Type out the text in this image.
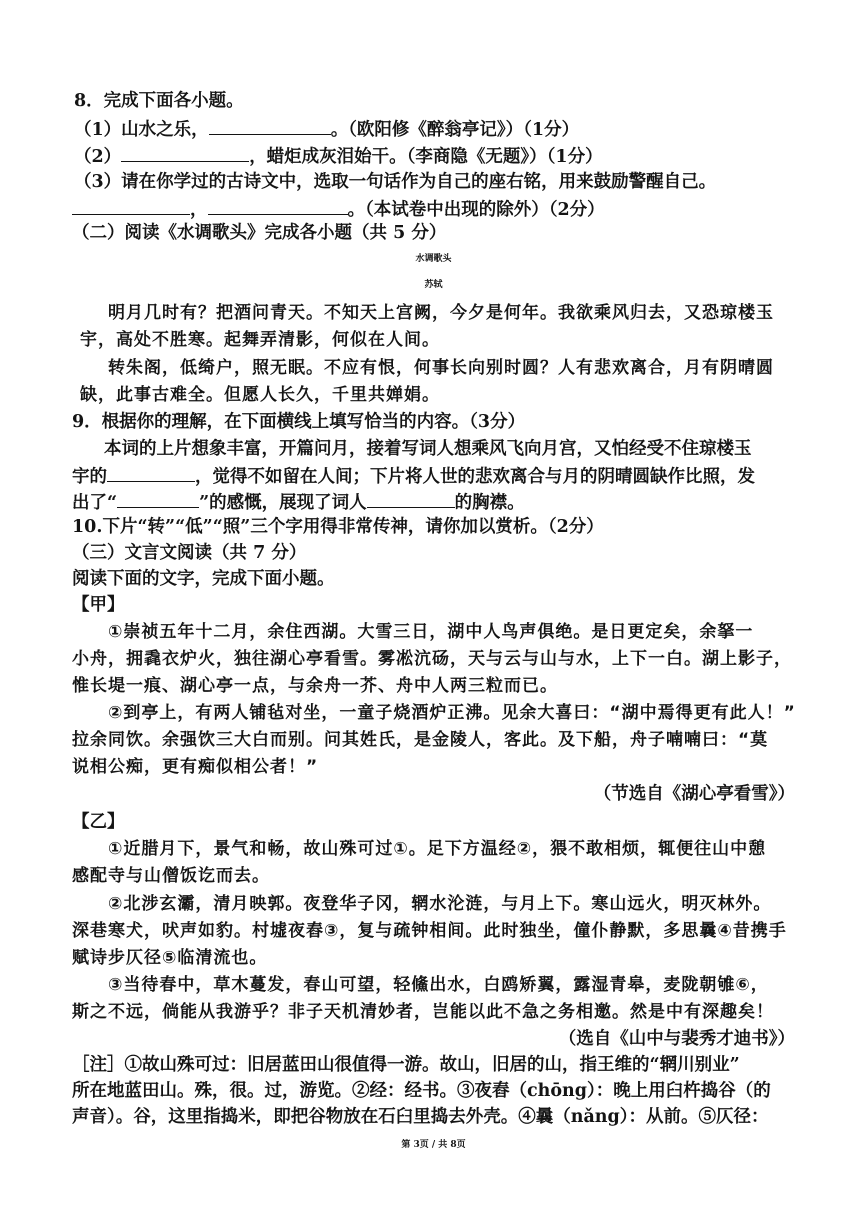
8．完成下面各小题。
（1）山水之乐，	。（欧阳修《醉翁亭记》）（1分）
（2）	，蜡炬成灰泪始干。（李商隐《无题》）（1分）
（3）请在你学过的古诗文中，选取一句话作为自己的座右铭，用来鼓励警醒自己。
，	。（本试卷中出现的除外）（2分）
（二）阅读《水调歌头》完成各小题（共 5 分）
水调歌头
苏轼
明月几时有？把酒问青天。不知天上宫阙，今夕是何年。我欲乘风归去，又恐琼楼玉
宇，高处不胜寒。起舞弄清影，何似在人间。
转朱阁，低绮户，照无眠。不应有恨，何事长向别时圆？人有悲欢离合，月有阴晴圆
缺，此事古难全。但愿人长久，千里共婵娟。
9．根据你的理解，在下面横线上填写恰当的内容。（3分）
本词的上片想象丰富，开篇问月，接着写词人想乘风飞向月宫，又怕经受不住琼楼玉
宇的	，觉得不如留在人间；下片将人世的悲欢离合与月的阴晴圆缺作比照，发
出了“	”的感慨，展现了词人	的胸襟。
10.下片“转”“低”“照”三个字用得非常传神，请你加以赏析。（2分）
（三）文言文阅读（共 7 分）
阅读下面的文字，完成下面小题。
【甲】
①崇祯五年十二月，余住西湖。大雪三日，湖中人鸟声俱绝。是日更定矣，余拏一
小舟，拥毳衣炉火，独往湖心亭看雪。雾凇沆砀，天与云与山与水，上下一白。湖上影子，
惟长堤一痕、湖心亭一点，与余舟一芥、舟中人两三粒而已。
②到亭上，有两人铺毡对坐，一童子烧酒炉正沸。见余大喜曰：“湖中焉得更有此人！”
拉余同饮。余强饮三大白而别。问其姓氏，是金陵人，客此。及下船，舟子喃喃曰：“莫
说相公痴，更有痴似相公者！”
（节选自《湖心亭看雪》）
【乙】
①近腊月下，景气和畅，故山殊可过①。足下方温经②，猥不敢相烦，辄便往山中憩
感配寺与山僧饭讫而去。
②北涉玄灞，清月映郭。夜登华子冈，辋水沦涟，与月上下。寒山远火，明灭林外。
深巷寒犬，吠声如豹。村墟夜舂③，复与疏钟相间。此时独坐，僮仆静默，多思曩④昔携手
赋诗步仄径⑤临清流也。
③当待春中，草木蔓发，春山可望，轻鯈出水，白鸥矫翼，露湿青皋，麦陇朝雊⑥，
斯之不远，倘能从我游乎？非子天机清妙者，岂能以此不急之务相邀。然是中有深趣矣！
（选自《山中与裴秀才迪书》）
［注］①故山殊可过：旧居蓝田山很值得一游。故山，旧居的山，指王维的“辋川别业”
所在地蓝田山。殊，很。过，游览。②经：经书。③夜舂（chōng）：晚上用臼杵捣谷（的
声音）。谷，这里指捣米，即把谷物放在石臼里捣去外壳。④曩（nǎng）：从前。⑤仄径：
第 3页 / 共 8页
